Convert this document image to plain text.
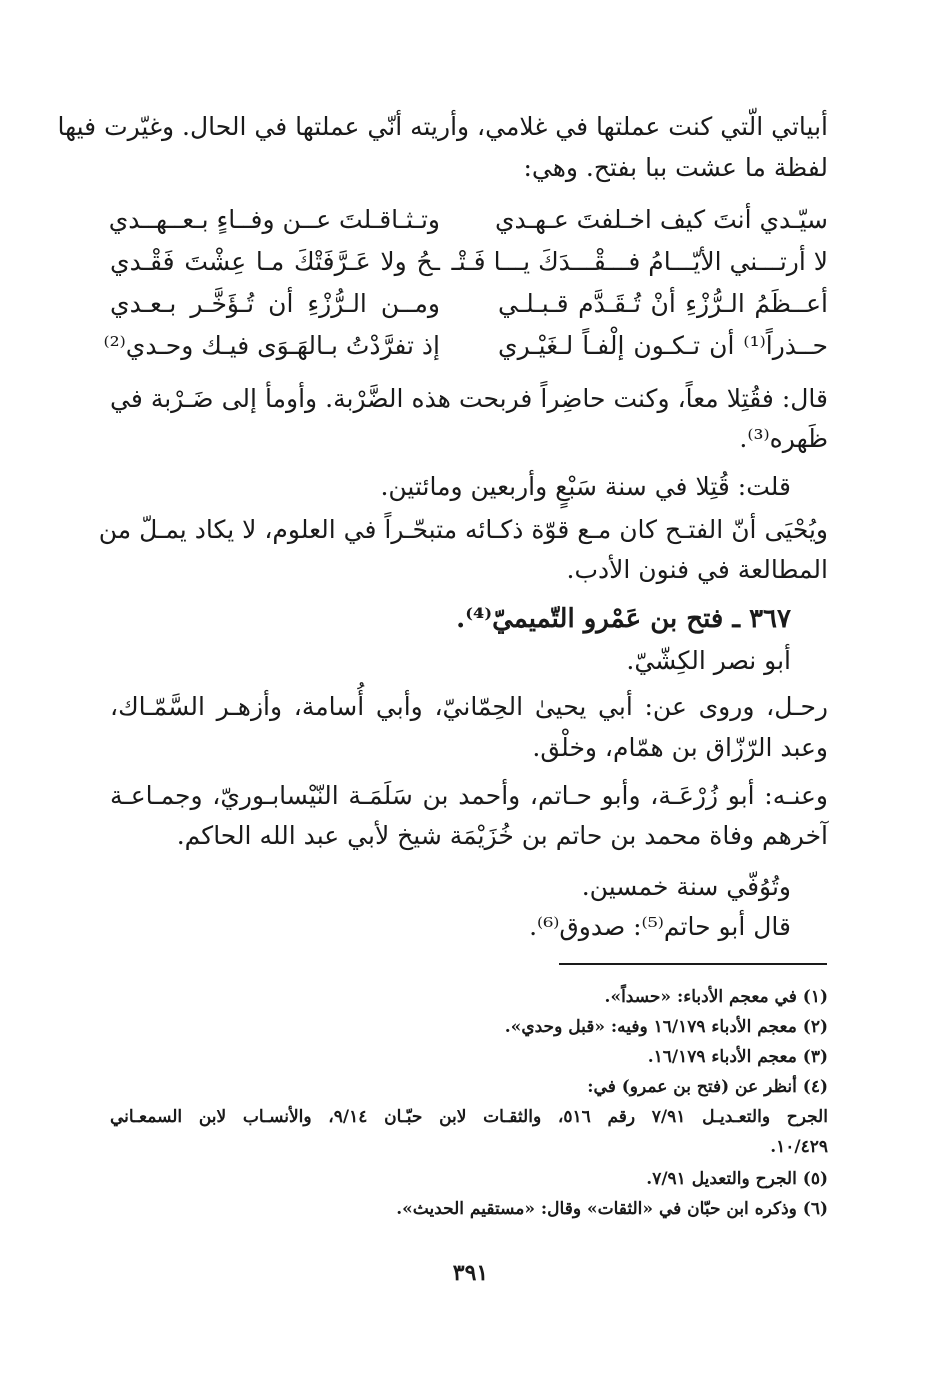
أبياتي الّتي كنت عملتها في غلامي، وأريته أنّي عملتها في الحال. وغيّرت فيها
لفظة ما عشت ببا بفتح. وهي:
سيّـدي أنتَ كيف اخـلفتَ عـهـدي
وتـثـاقـلتَ عــن وفــاءٍ بـعــهــدي
لا أرتـــني الأيّـــامُ فـــقْـــدَكَ يـــا فَـتْـ
ـحُ ولا عَـرَّفَتْكَ مـا عِشْتَ فَقْـدي
أعــظَمُ الـرُّزْءِ أنْ تُـقَـدَّم قـبـلـي
ومــن الـرُّزْءِ أن تُـؤَخَّـر بـعـدي
حــذراً⁽¹⁾ أن تـكـون إلْفـاً لـغَيْـري
إذ تفرَّدْتُ بـالهَـوَى فيـك وحـدي⁽²⁾
قال: فقُتِلا معاً، وكنت حاضِراً فربحت هذه الضَّرْبة. وأومأ إلى ضَـرْبة في
ظَهره⁽³⁾.
قلت: قُتِلا في سنة سَبْعٍ وأربعين ومائتين.
ويُحْيَى أنّ الفتـح كان مـع قوّة ذكـائه متبحّـراً في العلوم، لا يكاد يمـلّ من
المطالعة في فنون الأدب.
٣٦٧ ـ فتح بن عَمْرو التّميميّ⁽⁴⁾.
أبو نصر الكِشّيّ.
رحـل، وروى عن: أبي يحيىٰ الحِمّانيّ، وأبي أُسامة، وأزهـر السَّمّـاك،
وعبد الرّزّاق بن همّام، وخلْق.
وعنـه: أبو زُرْعَـة، وأبو حـاتم، وأحمد بن سَلَمَـة النّيْسابـوريّ، وجمـاعـة
آخرهم وفاة محمد بن حاتم بن خُزَيْمَة شيخ لأبي عبد الله الحاكم.
وتُوُفّي سنة خمسين.
قال أبو حاتم⁽⁵⁾: صدوق⁽⁶⁾.
(١) في معجم الأدباء: «حسداً».
(٢) معجم الأدباء ١٦/١٧٩ وفيه: «قبل وحدي».
(٣) معجم الأدباء ١٦/١٧٩.
(٤) أنظر عن (فتح بن عمرو) في:
الجرح والتعـديـل ٧/٩١ رقم ٥١٦، والثقـات لابن حبّـان ٩/١٤، والأنسـاب لابن السمعـاني
١٠/٤٢٩.
(٥) الجرح والتعديل ٧/٩١.
(٦) وذكره ابن حبّان في «الثقات» وقال: «مستقيم الحديث».
٣٩١
